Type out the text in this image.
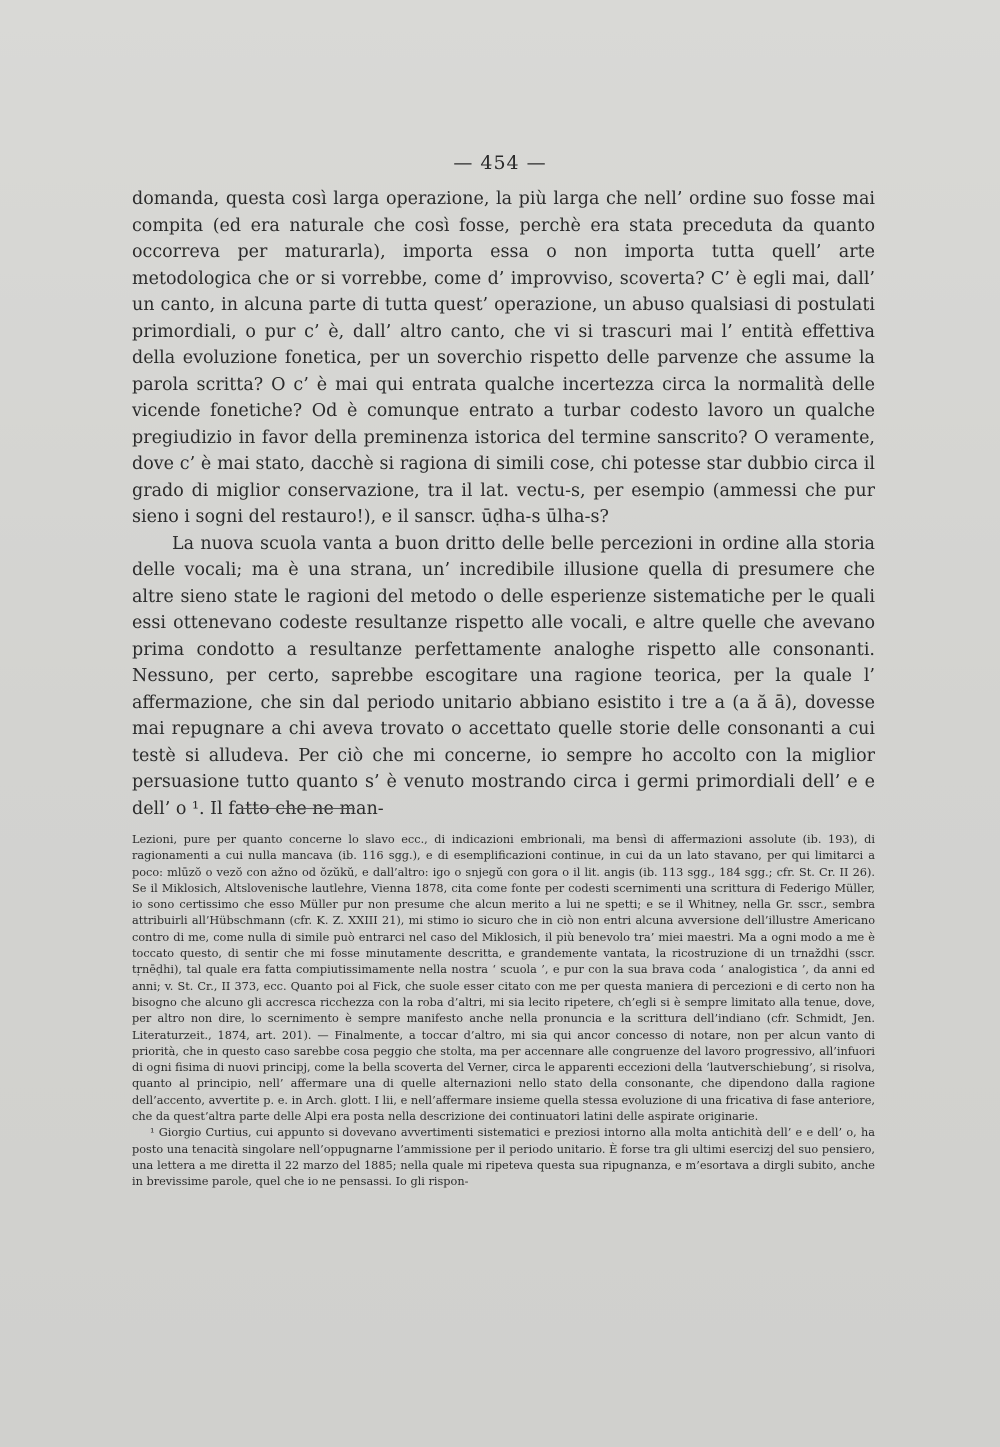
— 454 —

domanda, questa così larga operazione, la più larga che nell’ ordine suo fosse mai compita (ed era naturale che così fosse, perchè era stata preceduta da quanto occorreva per maturarla), importa essa o non importa tutta quell’ arte metodologica che or si vorrebbe, come d’ improvviso, scoverta? C’ è egli mai, dall’ un canto, in alcuna parte di tutta quest’ operazione, un abuso qualsiasi di postulati primordiali, o pur c’ è, dall’ altro canto, che vi si trascuri mai l’ entità effettiva della evoluzione fonetica, per un soverchio rispetto delle parvenze che assume la parola scritta? O c’ è mai qui entrata qualche incertezza circa la normalità delle vicende fonetiche? Od è comunque entrato a turbar codesto lavoro un qualche pregiudizio in favor della preminenza istorica del termine sanscrito? O veramente, dove c’ è mai stato, dacchè si ragiona di simili cose, chi potesse star dubbio circa il grado di miglior conservazione, tra il lat. vectu-s, per esempio (ammessi che pur sieno i sogni del restauro!), e il sanscr. ūḍha-s ūlha-s?

La nuova scuola vanta a buon dritto delle belle percezioni in ordine alla storia delle vocali; ma è una strana, un’ incredibile illusione quella di presumere che altre sieno state le ragioni del metodo o delle esperienze sistematiche per le quali essi ottenevano codeste resultanze rispetto alle vocali, e altre quelle che avevano prima condotto a resultanze perfettamente analoghe rispetto alle consonanti. Nessuno, per certo, saprebbe escogitare una ragione teorica, per la quale l’ affermazione, che sin dal periodo unitario abbiano esistito i tre a (a ă ā), dovesse mai repugnare a chi aveva trovato o accettato quelle storie delle consonanti a cui testè si alludeva. Per ciò che mi concerne, io sempre ho accolto con la miglior persuasione tutto quanto s’ è venuto mostrando circa i germi primordiali dell’ e e dell’ o ¹. Il fatto che ne man-

Lezioni, pure per quanto concerne lo slavo ecc., di indicazioni embrionali, ma bensì di affermazioni assolute (ib. 193), di ragionamenti a cui nulla mancava (ib. 116 sgg.), e di esemplificazioni continue, in cui da un lato stavano, per qui limitarci a poco: mlūzŏ o vezŏ con ažno od ŏzŭkŭ, e dall’altro: igo o snjegŭ con gora o il lit. angis (ib. 113 sgg., 184 sgg.; cfr. St. Cr. II 26). Se il Miklosich, Altslovenische lautlehre, Vienna 1878, cita come fonte per codesti scernimenti una scrittura di Federigo Müller, io sono certissimo che esso Müller pur non presume che alcun merito a lui ne spetti; e se il Whitney, nella Gr. sscr., sembra attribuirli all’Hübschmann (cfr. K. Z. XXIII 21), mi stimo io sicuro che in ciò non entri alcuna avversione dell’illustre Americano contro di me, come nulla di simile può entrarci nel caso del Miklosich, il più benevolo tra’ miei maestri. Ma a ogni modo a me è toccato questo, di sentir che mi fosse minutamente descritta, e grandemente vantata, la ricostruzione di un trnaždhi (sscr. tṛnēḍhi), tal quale era fatta compiutissimamente nella nostra ‘ scuola ’, e pur con la sua brava coda ‘ analogistica ’, da anni ed anni; v. St. Cr., II 373, ecc. Quanto poi al Fick, che suole esser citato con me per questa maniera di percezioni e di certo non ha bisogno che alcuno gli accresca ricchezza con la roba d’altri, mi sia lecito ripetere, ch’egli si è sempre limitato alla tenue, dove, per altro non dire, lo scernimento è sempre manifesto anche nella pronuncia e la scrittura dell’indiano (cfr. Schmidt, Jen. Literaturzeit., 1874, art. 201). — Finalmente, a toccar d’altro, mi sia qui ancor concesso di notare, non per alcun vanto di priorità, che in questo caso sarebbe cosa peggio che stolta, ma per accennare alle congruenze del lavoro progressivo, all’infuori di ogni fisima di nuovi principj, come la bella scoverta del Verner, circa le apparenti eccezioni della ‘lautverschiebung’, si risolva, quanto al principio, nell’ affermare una di quelle alternazioni nello stato della consonante, che dipendono dalla ragione dell’accento, avvertite p. e. in Arch. glott. I lii, e nell’affermare insieme quella stessa evoluzione di una fricativa di fase anteriore, che da quest’altra parte delle Alpi era posta nella descrizione dei continuatori latini delle aspirate originarie.

¹ Giorgio Curtius, cui appunto si dovevano avvertimenti sistematici e preziosi intorno alla molta antichità dell’ e e dell’ o, ha posto una tenacità singolare nell’oppugnarne l’ammissione per il periodo unitario. È forse tra gli ultimi esercizj del suo pensiero, una lettera a me diretta il 22 marzo del 1885; nella quale mi ripeteva questa sua ripugnanza, e m’esortava a dirgli subito, anche in brevissime parole, quel che io ne pensassi. Io gli rispon-
